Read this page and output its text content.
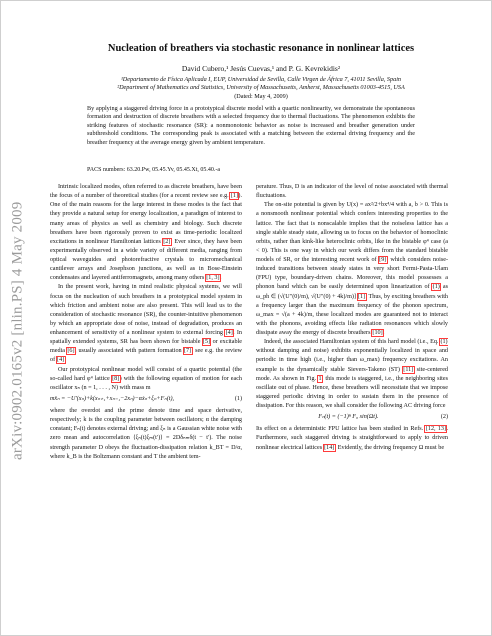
arXiv:0902.0165v2 [nlin.PS] 4 May 2009
Nucleation of breathers via stochastic resonance in nonlinear lattices
David Cubero,¹ Jesús Cuevas,¹ and P. G. Kevrekidis²
¹Departamento de Física Aplicada I, EUP, Universidad de Sevilla, Calle Virgen de África 7, 41011 Sevilla, Spain
²Department of Mathematics and Statistics, University of Massachusetts, Amherst, Massachusetts 01003-4515, USA
(Dated: May 4, 2009)
By applying a staggered driving force in a prototypical discrete model with a quartic nonlinearity, we demonstrate the spontaneous formation and destruction of discrete breathers with a selected frequency due to thermal fluctuations. The phenomenon exhibits the striking features of stochastic resonance (SR): a nonmonotonic behavior as noise is increased and breather generation under subthreshold conditions. The corresponding peak is associated with a matching between the external driving frequency and the breather frequency at the average energy given by ambient temperature.
PACS numbers: 63.20.Pw, 05.45.Yv, 05.45.Xt, 05.40.-a

Intrinsic localized modes, often referred to as discrete breathers, have been the focus of a number of theoretical studies (for a recent review see e.g. [1]). One of the main reasons for the large interest in these modes is the fact that they provide a natural setup for energy localization, a paradigm of interest to many areas of physics as well as chemistry and biology. Such discrete breathers have been rigorously proven to exist as time-periodic localized excitations in nonlinear Hamiltonian lattices [2]. Ever since, they have been experimentally observed in a wide variety of different media, ranging from optical waveguides and photorefractive crystals to micromechanical cantilever arrays and Josephson junctions, as well as in Bose-Einstein condensates and layered antiferromagnets, among many others [1, 3].

In the present work, having in mind realistic physical systems, we will focus on the nucleation of such breathers in a prototypical model system in which friction and ambient noise are also present. This will lead us to the consideration of stochastic resonance (SR), the counter-intuitive phenomenon by which an appropriate dose of noise, instead of degradation, produces an enhancement of sensitivity of a nonlinear system to external forcing [4]. In spatially extended systems, SR has been shown for bistable [5] or excitable media [6], usually associated with pattern formation [7], see e.g. the review of [4].

Our prototypical nonlinear model will consist of a quartic potential (the so-called hard φ⁴ lattice [8]) with the following equation of motion for each oscillator xₙ (n = 1, . . . , N) with mass m

mẍₙ = −U′(xₙ)+k(xₙ₊₁+xₙ₋₁−2xₙ)−αẋₙ+ξₙ+Fₙ(t),	(1)

where the overdot and the prime denote time and space derivative, respectively; k is the coupling parameter between oscillators; α the damping constant; Fₙ(t) denotes external driving; and ξₙ is a Gaussian white noise with zero mean and autocorrelation ⟨ξₙ(t)ξₘ(t′)⟩ = 2Dδₙₘδ(t − t′). The noise strength parameter D obeys the fluctuation-dissipation relation k_BT = D/α, where k_B is the Boltzmann constant and T the ambient tem-

perature. Thus, D is an indicator of the level of noise associated with thermal fluctuations.

The on-site potential is given by U(x) = ax²/2+bx⁴/4 with a, b > 0. This is a nonsmooth nonlinear potential which confers interesting properties to the lattice. The fact that is nonscalable implies that the noiseless lattice has a single stable steady state, allowing us to focus on the behavior of homoclinic orbits, rather than kink-like heteroclinic orbits, like in the bistable φ⁴ case (a < 0). This is one way in which our work differs from the standard bistable models of SR, or the interesting recent work of [9], which considers noise-induced transitions between steady states in very short Fermi-Pasta-Ulam (FPU) type, boundary-driven chains. Moreover, this model possesses a phonon band which can be easily determined upon linearization of (1) as ω_ph ∈ (√(U″(0)/m), √(U″(0) + 4k)/m)] [1]. Thus, by exciting breathers with a frequency larger than the maximum frequency of the phonon spectrum, ω_max = √(a + 4k)/m, these localized modes are guaranteed not to interact with the phonons, avoiding effects like radiation resonances which slowly dissipate away the energy of discrete breathers [10].

Indeed, the associated Hamiltonian system of this hard model (i.e., Eq. (1) without damping and noise) exhibits exponentially localized in space and periodic in time high (i.e., higher than ω_max) frequency excitations. An example is the dynamically stable Sievers-Takeno (ST) [11] site-centered mode. As shown in Fig. 1, this mode is staggered, i.e., the neighboring sites oscillate out of phase. Hence, these breathers will necessitate that we impose staggered periodic driving in order to sustain them in the presence of dissipation. For this reason, we shall consider the following AC driving force

Fₙ(t) = (−1)ⁿ F₀ sin(Ωt).	(2)

Its effect on a deterministic FPU lattice has been studied in Refs. [12, 13]. Furthermore, such staggered driving is straightforward to apply to driven nonlinear electrical lattices [14]. Evidently, the driving frequency Ω must be
